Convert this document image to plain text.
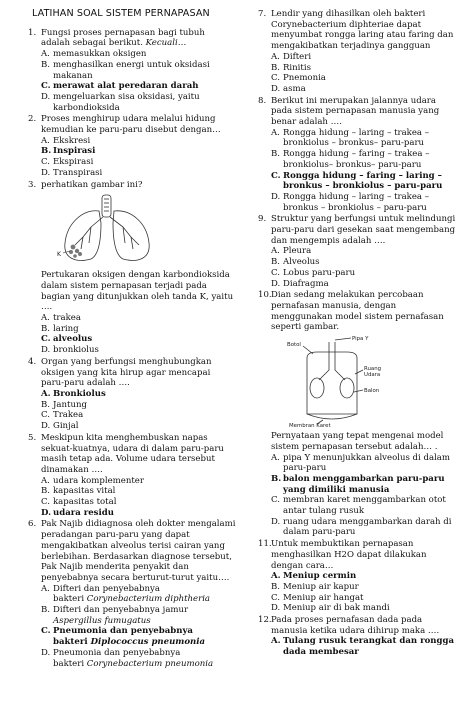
LATIHAN SOAL SISTEM PERNAPASAN
1. Fungsi proses pernapasan bagi tubuh adalah sebagai berikut. Kecuali…
A. memasukkan oksigen
B. menghasilkan energi untuk oksidasi makanan
C. merawat alat peredaran darah
D. mengeluarkan sisa oksidasi, yaitu karbondioksida
2. Proses menghirup udara melalui hidung kemudian ke paru-paru disebut dengan…
A. Ekskresi
B. Inspirasi
C. Ekspirasi
D. Transpirasi
3. perhatikan gambar ini?
K
Pertukaran oksigen dengan karbondioksida dalam sistem pernapasan terjadi pada bagian yang ditunjukkan oleh tanda K, yaitu ….
A. trakea
B. laring
C. alveolus
D. bronkiolus
4. Organ yang berfungsi menghubungkan oksigen yang kita hirup agar mencapai paru-paru adalah ….
A. Bronkiolus
B. Jantung
C. Trakea
D. Ginjal
5. Meskipun kita menghembuskan napas sekuat-kuatnya, udara di dalam paru-paru masih tetap ada. Volume udara tersebut dinamakan ….
A. udara komplementer
B. kapasitas vital
C. kapasitas total
D. udara residu
6. Pak Najib didiagnosa oleh dokter mengalami peradangan paru-paru yang dapat mengakibatkan alveolus terisi cairan yang berlebihan. Berdasarkan diagnose tersebut, Pak Najib menderita penyakit dan penyebabnya secara berturut-turut yaitu….
A. Difteri dan penyebabnya
bakteri Corynebacterium diphtheria
B. Difteri dan penyebabnya jamur Aspergillus fumugatus
C. Pneumonia dan penyebabnya
bakteri Diplococcus pneumonia
D. Pneumonia dan penyebabnya
bakteri Corynebacterium pneumonia
7. Lendir yang dihasilkan oleh bakteri Corynebacterium diphteriae dapat menyumbat rongga laring atau faring dan mengakibatkan terjadinya gangguan
A. Difteri
B. Rinitis
C. Pnemonia
D. asma
8. Berikut ini merupakan jalannya udara pada sistem pernapasan manusia yang benar adalah ….
A. Rongga hidung – laring – trakea – bronkiolus – bronkus– paru-paru
B. Rongga hidung – faring – trakea – bronkiolus– bronkus– paru-paru
C. Rongga hidung – faring – laring – bronkus – bronkiolus – paru-paru
D. Rongga hidung – laring – trakea – bronkus – bronkiolus – paru-paru
9. Struktur yang berfungsi untuk melindungi paru-paru dari gesekan saat mengembang dan mengempis adalah ….
A. Pleura
B. Alveolus
C. Lobus paru-paru
D. Diafragma
10. Dian sedang melakukan percobaan pernafasan manusia, dengan menggunakan model sistem pernafasan seperti gambar.
Pipa Y
Botol
Ruang
Udara
Balon
Membran Karet
Pernyataan yang tepat mengenai model sistem pernapasan tersebut adalah… .
A. pipa Y menunjukkan alveolus di dalam paru-paru
B. balon menggambarkan paru-paru yang dimiliki manusia
C. membran karet menggambarkan otot antar tulang rusuk
D. ruang udara menggambarkan darah di dalam paru-paru
11. Untuk membuktikan pernapasan menghasilkan H2O dapat dilakukan dengan cara…
A. Meniup cermin
B. Meniup air kapur
C. Meniup air hangat
D. Meniup air di bak mandi
12. Pada proses pernafasan dada pada manusia ketika udara dihirup maka ….
A. Tulang rusuk terangkat dan rongga dada membesar
